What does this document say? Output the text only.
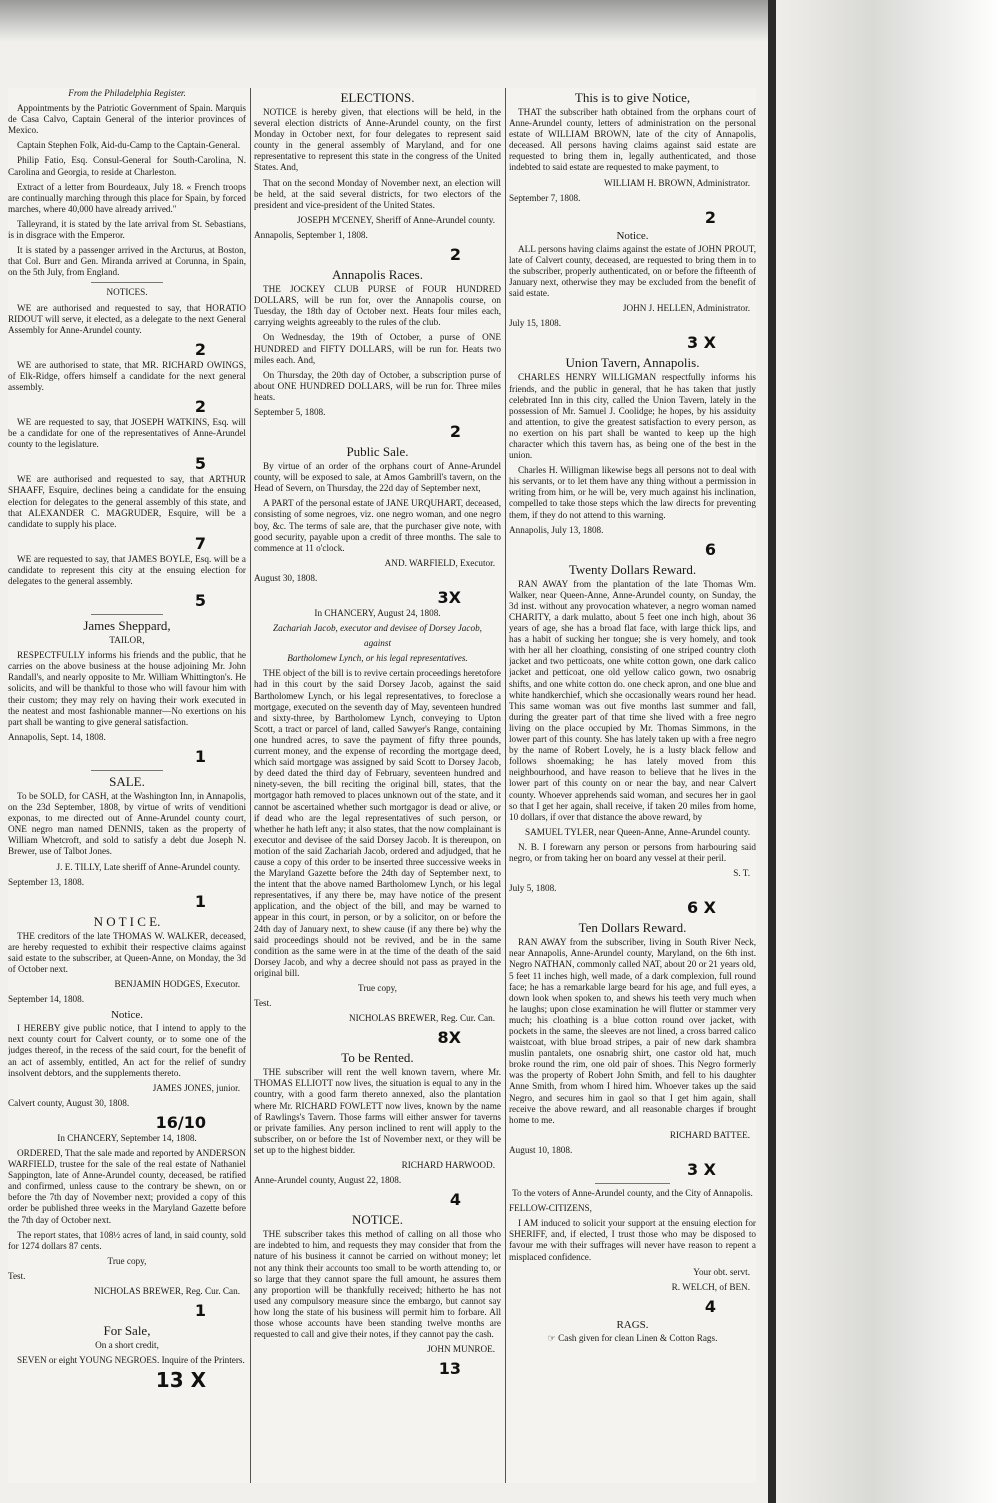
From the Philadelphia Register.

Appointments by the Patriotic Government of Spain. Marquis de Casa Calvo, Captain General of the interior provinces of Mexico.

Captain Stephen Folk, Aid-du-Camp to the Captain-General.

Philip Fatio, Esq. Consul-General for South-Carolina, N. Carolina and Georgia, to reside at Charleston.

Extract of a letter from Bourdeaux, July 18. « French troops are continually marching through this place for Spain, by forced marches, where 40,000 have already arrived."

Talleyrand, it is stated by the late arrival from St. Sebastians, is in disgrace with the Emperor.

It is stated by a passenger arrived in the Arcturus, at Boston, that Col. Burr and Gen. Miranda arrived at Corunna, in Spain, on the 5th July, from England.

NOTICES.

WE are authorised and requested to say, that HORATIO RIDOUT will serve, it elected, as a delegate to the next General Assembly for Anne-Arundel county.

2

WE are authorised to state, that MR. RICHARD OWINGS, of Elk-Ridge, offers himself a candidate for the next general assembly.

2

WE are requested to say, that JOSEPH WATKINS, Esq. will be a candidate for one of the representatives of Anne-Arundel county to the legislature.

5

WE are authorised and requested to say, that ARTHUR SHAAFF, Esquire, declines being a candidate for the ensuing election for delegates to the general assembly of this state, and that ALEXANDER C. MAGRUDER, Esquire, will be a candidate to supply his place.

7

WE are requested to say, that JAMES BOYLE, Esq. will be a candidate to represent this city at the ensuing election for delegates to the general assembly.

5
James Sheppard,

TAILOR,

RESPECTFULLY informs his friends and the public, that he carries on the above business at the house adjoining Mr. John Randall's, and nearly opposite to Mr. William Whittington's. He solicits, and will be thankful to those who will favour him with their custom; they may rely on having their work executed in the neatest and most fashionable manner—No exertions on his part shall be wanting to give general satisfaction.

Annapolis, Sept. 14, 1808.

1
SALE.

To be SOLD, for CASH, at the Washington Inn, in Annapolis, on the 23d September, 1808, by virtue of writs of venditioni exponas, to me directed out of Anne-Arundel county court, ONE negro man named DENNIS, taken as the property of William Whetcroft, and sold to satisfy a debt due Joseph N. Brewer, use of Talbot Jones.

J. E. TILLY, Late sheriff of Anne-Arundel county.

September 13, 1808.

1
N O T I C E.

THE creditors of the late THOMAS W. WALKER, deceased, are hereby requested to exhibit their respective claims against said estate to the subscriber, at Queen-Anne, on Monday, the 3d of October next.

BENJAMIN HODGES, Executor.

September 14, 1808.

Notice.

I HEREBY give public notice, that I intend to apply to the next county court for Calvert county, or to some one of the judges thereof, in the recess of the said court, for the benefit of an act of assembly, entitled, An act for the relief of sundry insolvent debtors, and the supplements thereto.

JAMES JONES, junior.

Calvert county, August 30, 1808.

16/10

In CHANCERY, September 14, 1808.

ORDERED, That the sale made and reported by ANDERSON WARFIELD, trustee for the sale of the real estate of Nathaniel Sappington, late of Anne-Arundel county, deceased, be ratified and confirmed, unless cause to the contrary be shewn, on or before the 7th day of November next; provided a copy of this order be published three weeks in the Maryland Gazette before the 7th day of October next.

The report states, that 108½ acres of land, in said county, sold for 1274 dollars 87 cents.

True copy,

Test.

NICHOLAS BREWER, Reg. Cur. Can.

1
For Sale,

On a short credit,

SEVEN or eight YOUNG NEGROES. Inquire of the Printers.

13 X
ELECTIONS.

NOTICE is hereby given, that elections will be held, in the several election districts of Anne-Arundel county, on the first Monday in October next, for four delegates to represent said county in the general assembly of Maryland, and for one representative to represent this state in the congress of the United States. And,

That on the second Monday of November next, an election will be held, at the said several districts, for two electors of the president and vice-president of the United States.

JOSEPH M'CENEY, Sheriff of Anne-Arundel county.

Annapolis, September 1, 1808.

2
Annapolis Races.

THE JOCKEY CLUB PURSE of FOUR HUNDRED DOLLARS, will be run for, over the Annapolis course, on Tuesday, the 18th day of October next. Heats four miles each, carrying weights agreeably to the rules of the club.

On Wednesday, the 19th of October, a purse of ONE HUNDRED and FIFTY DOLLARS, will be run for. Heats two miles each. And,

On Thursday, the 20th day of October, a subscription purse of about ONE HUNDRED DOLLARS, will be run for. Three miles heats.

September 5, 1808.

2
Public Sale.

By virtue of an order of the orphans court of Anne-Arundel county, will be exposed to sale, at Amos Gambrill's tavern, on the Head of Severn, on Thursday, the 22d day of September next,

A PART of the personal estate of JANE URQUHART, deceased, consisting of some negroes, viz. one negro woman, and one negro boy, &c. The terms of sale are, that the purchaser give note, with good security, payable upon a credit of three months. The sale to commence at 11 o'clock.

AND. WARFIELD, Executor.

August 30, 1808.

3X

In CHANCERY, August 24, 1808.

Zachariah Jacob, executor and devisee of Dorsey Jacob,

against

Bartholomew Lynch, or his legal representatives.

THE object of the bill is to revive certain proceedings heretofore had in this court by the said Dorsey Jacob, against the said Bartholomew Lynch, or his legal representatives, to foreclose a mortgage, executed on the seventh day of May, seventeen hundred and sixty-three, by Bartholomew Lynch, conveying to Upton Scott, a tract or parcel of land, called Sawyer's Range, containing one hundred acres, to save the payment of fifty three pounds, current money, and the expense of recording the mortgage deed, which said mortgage was assigned by said Scott to Dorsey Jacob, by deed dated the third day of February, seventeen hundred and ninety-seven, the bill reciting the original bill, states, that the mortgagor hath removed to places unknown out of the state, and it cannot be ascertained whether such mortgagor is dead or alive, or if dead who are the legal representatives of such person, or whether he hath left any; it also states, that the now complainant is executor and devisee of the said Dorsey Jacob. It is thereupon, on motion of the said Zachariah Jacob, ordered and adjudged, that he cause a copy of this order to be inserted three successive weeks in the Maryland Gazette before the 24th day of September next, to the intent that the above named Bartholomew Lynch, or his legal representatives, if any there be, may have notice of the present application, and the object of the bill, and may be warned to appear in this court, in person, or by a solicitor, on or before the 24th day of January next, to shew cause (if any there be) why the said proceedings should not be revived, and be in the same condition as the same were in at the time of the death of the said Dorsey Jacob, and why a decree should not pass as prayed in the original bill.

True copy,

Test.

NICHOLAS BREWER, Reg. Cur. Can.

8X
To be Rented.

THE subscriber will rent the well known tavern, where Mr. THOMAS ELLIOTT now lives, the situation is equal to any in the country, with a good farm thereto annexed, also the plantation where Mr. RICHARD FOWLETT now lives, known by the name of Rawlings's Tavern. Those farms will either answer for taverns or private families. Any person inclined to rent will apply to the subscriber, on or before the 1st of November next, or they will be set up to the highest bidder.

RICHARD HARWOOD.

Anne-Arundel county, August 22, 1808.

4
NOTICE.

THE subscriber takes this method of calling on all those who are indebted to him, and requests they may consider that from the nature of his business it cannot be carried on without money; let not any think their accounts too small to be worth attending to, or so large that they cannot spare the full amount, he assures them any proportion will be thankfully received; hitherto he has not used any compulsory measure since the embargo, but cannot say how long the state of his business will permit him to forbare. All those whose accounts have been standing twelve months are requested to call and give their notes, if they cannot pay the cash.

JOHN MUNROE.

13
This is to give Notice,

THAT the subscriber hath obtained from the orphans court of Anne-Arundel county, letters of administration on the personal estate of WILLIAM BROWN, late of the city of Annapolis, deceased. All persons having claims against said estate are requested to bring them in, legally authenticated, and those indebted to said estate are requested to make payment, to

WILLIAM H. BROWN, Administrator.

September 7, 1808.

2
Notice.

ALL persons having claims against the estate of JOHN PROUT, late of Calvert county, deceased, are requested to bring them in to the subscriber, properly authenticated, on or before the fifteenth of January next, otherwise they may be excluded from the benefit of said estate.

JOHN J. HELLEN, Administrator.

July 15, 1808.

3 X
Union Tavern, Annapolis.

CHARLES HENRY WILLIGMAN respectfully informs his friends, and the public in general, that he has taken that justly celebrated Inn in this city, called the Union Tavern, lately in the possession of Mr. Samuel J. Coolidge; he hopes, by his assiduity and attention, to give the greatest satisfaction to every person, as no exertion on his part shall be wanted to keep up the high character which this tavern has, as being one of the best in the union.

Charles H. Willigman likewise begs all persons not to deal with his servants, or to let them have any thing without a permission in writing from him, or he will be, very much against his inclination, compelled to take those steps which the law directs for preventing them, if they do not attend to this warning.

Annapolis, July 13, 1808.

6
Twenty Dollars Reward.

RAN AWAY from the plantation of the late Thomas Wm. Walker, near Queen-Anne, Anne-Arundel county, on Sunday, the 3d inst. without any provocation whatever, a negro woman named CHARITY, a dark mulatto, about 5 feet one inch high, about 36 years of age, she has a broad flat face, with large thick lips, and has a habit of sucking her tongue; she is very homely, and took with her all her cloathing, consisting of one striped country cloth jacket and two petticoats, one white cotton gown, one dark calico jacket and petticoat, one old yellow calico gown, two osnabrig shifts, and one white cotton do. one check apron, and one blue and white handkerchief, which she occasionally wears round her head. This same woman was out five months last summer and fall, during the greater part of that time she lived with a free negro living on the place occupied by Mr. Thomas Simmons, in the lower part of this county. She has lately taken up with a free negro by the name of Robert Lovely, he is a lusty black fellow and follows shoemaking; he has lately moved from this neighbourhood, and have reason to believe that he lives in the lower part of this county on or near the bay, and near Calvert county. Whoever apprehends said woman, and secures her in gaol so that I get her again, shall receive, if taken 20 miles from home, 10 dollars, if over that distance the above reward, by

SAMUEL TYLER, near Queen-Anne, Anne-Arundel county.

N. B. I forewarn any person or persons from harbouring said negro, or from taking her on board any vessel at their peril.

S. T.

July 5, 1808.

6 X
Ten Dollars Reward.

RAN AWAY from the subscriber, living in South River Neck, near Annapolis, Anne-Arundel county, Maryland, on the 6th inst. Negro NATHAN, commonly called NAT, about 20 or 21 years old, 5 feet 11 inches high, well made, of a dark complexion, full round face; he has a remarkable large beard for his age, and full eyes, a down look when spoken to, and shews his teeth very much when he laughs; upon close examination he will flutter or stammer very much; his cloathing is a blue cotton round over jacket, with pockets in the same, the sleeves are not lined, a cross barred calico waistcoat, with blue broad stripes, a pair of new dark shambra muslin pantalets, one osnabrig shirt, one castor old hat, much broke round the rim, one old pair of shoes. This Negro formerly was the property of Robert John Smith, and fell to his daughter Anne Smith, from whom I hired him. Whoever takes up the said Negro, and secures him in gaol so that I get him again, shall receive the above reward, and all reasonable charges if brought home to me.

RICHARD BATTEE.

August 10, 1808.

3 X

To the voters of Anne-Arundel county, and the City of Annapolis.

FELLOW-CITIZENS,

I AM induced to solicit your support at the ensuing election for SHERIFF, and, if elected, I trust those who may be disposed to favour me with their suffrages will never have reason to repent a misplaced confidence.

Your obt. servt.

R. WELCH, of BEN.

4
RAGS.

☞ Cash given for clean Linen & Cotton Rags.
